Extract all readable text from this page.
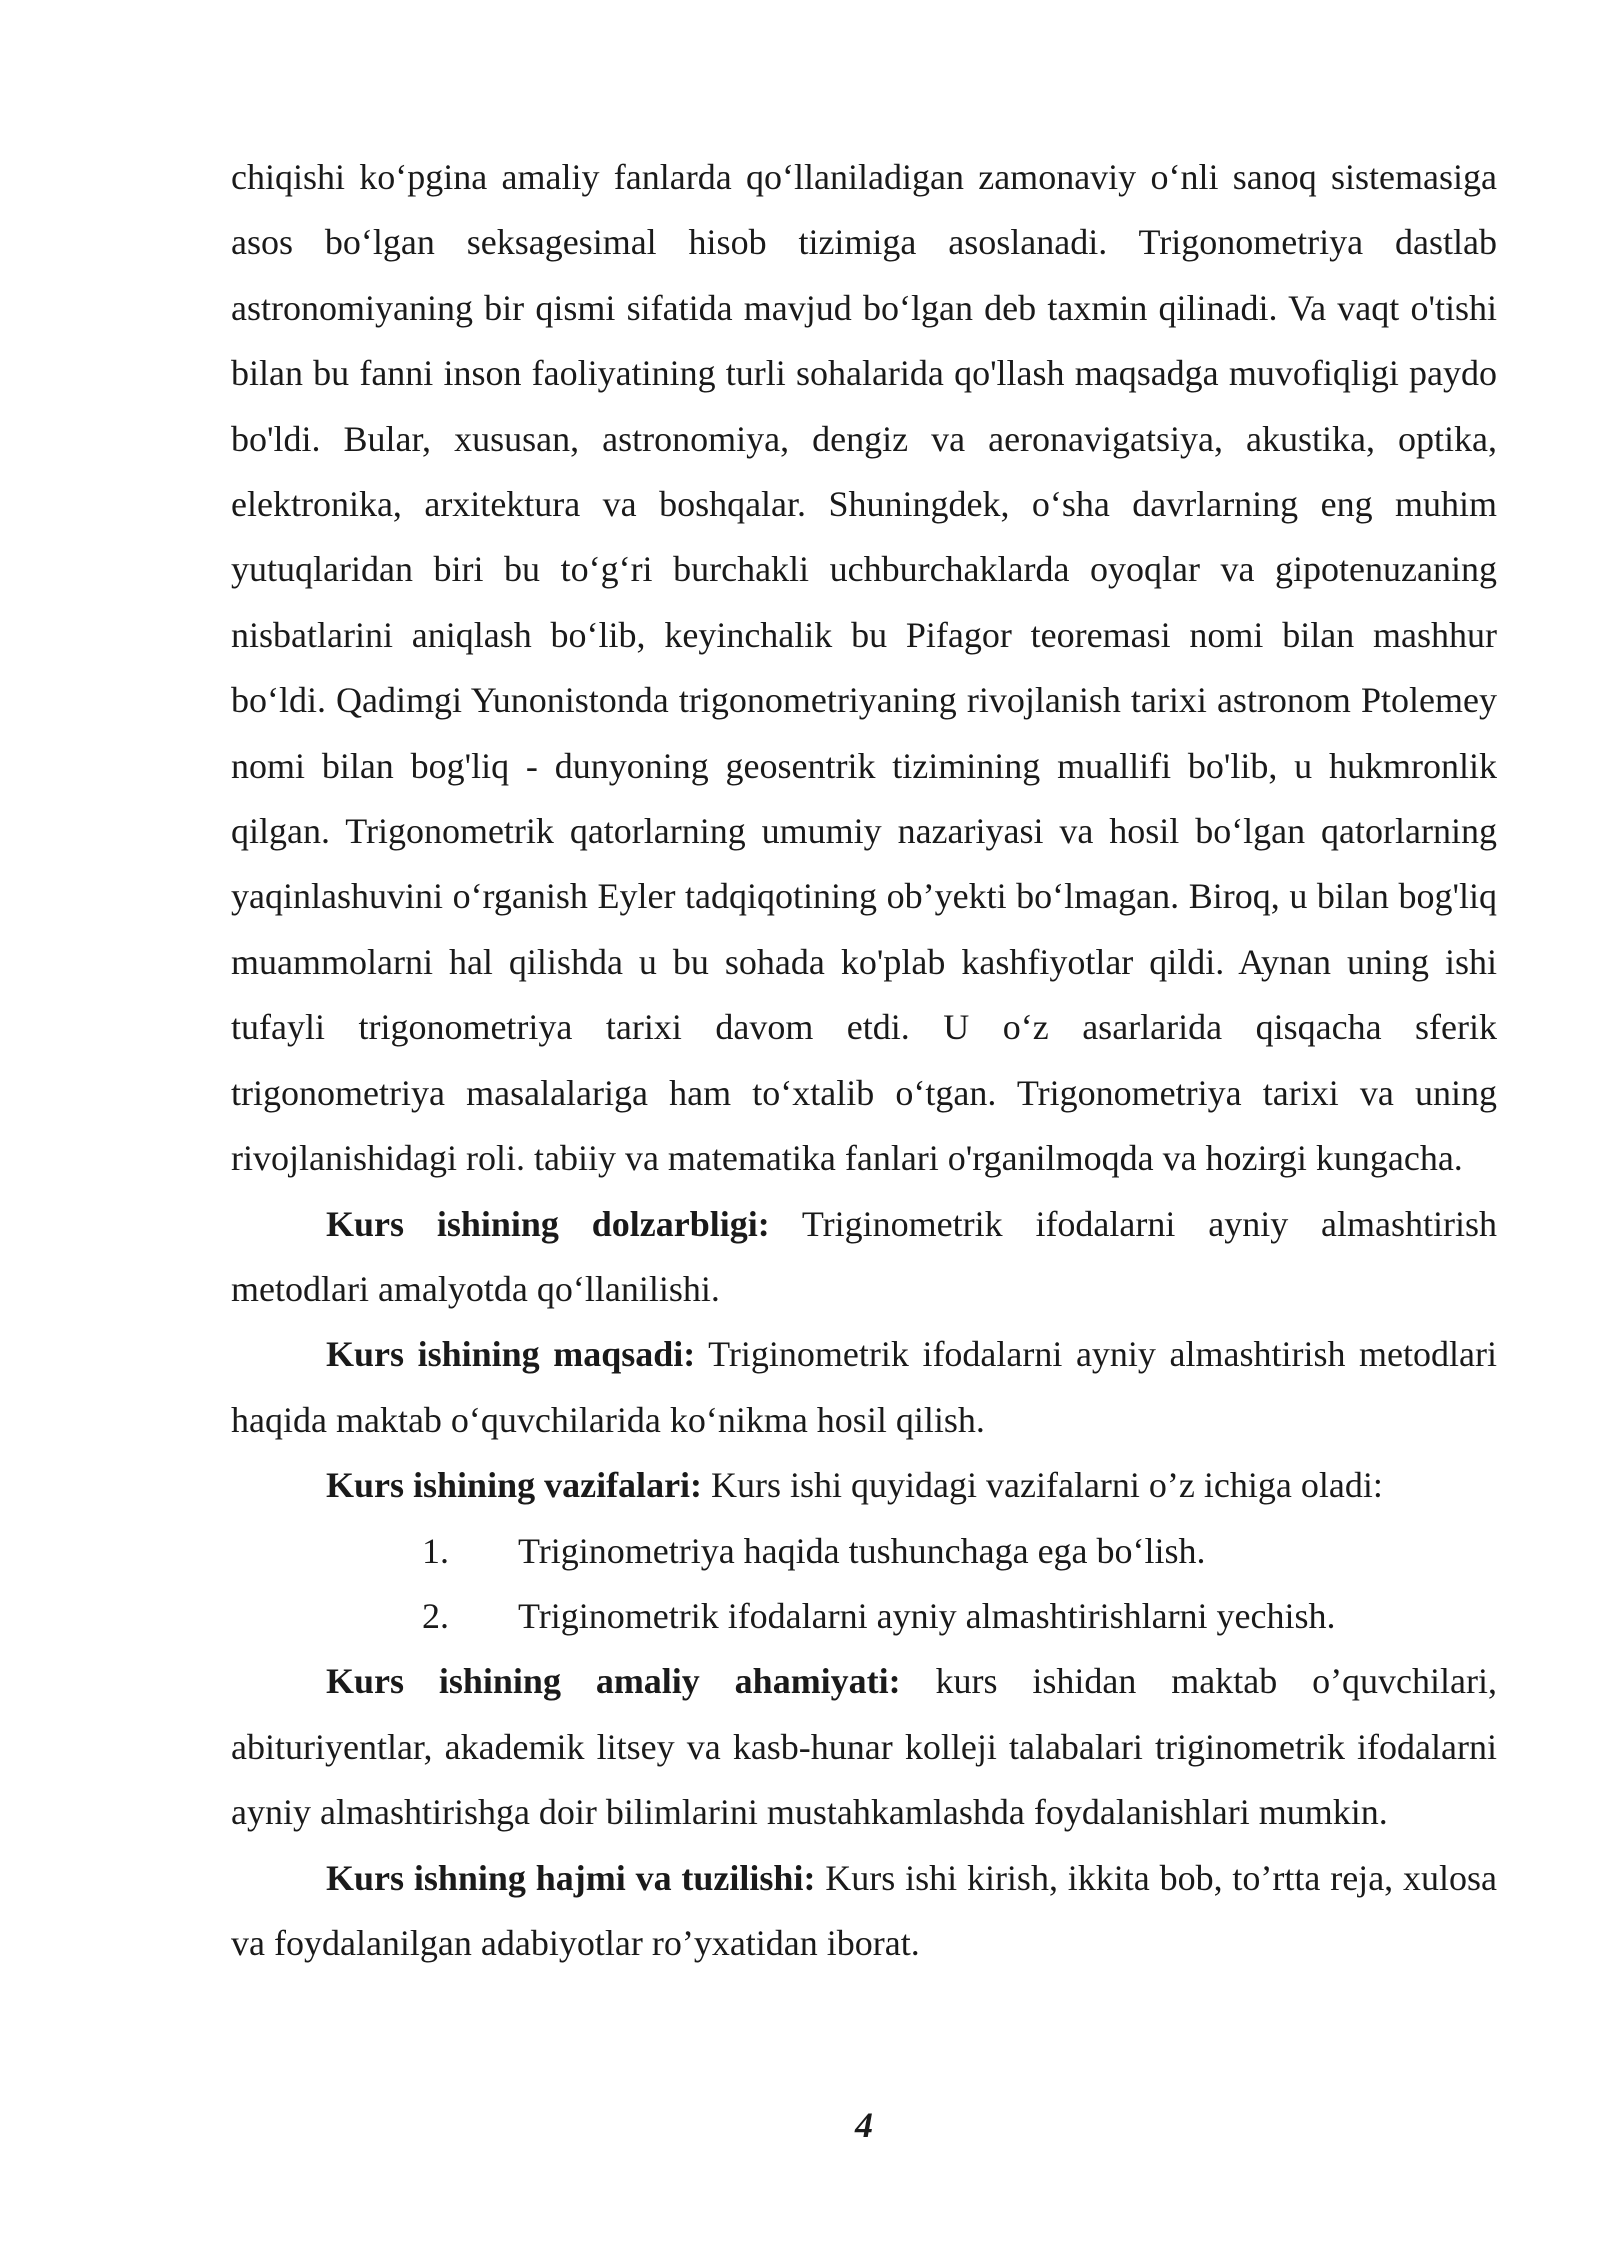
chiqishi ko‘pgina amaliy fanlarda qo‘llaniladigan zamonaviy o‘nli sanoq sistemasiga asos bo‘lgan seksagesimal hisob tizimiga asoslanadi. Trigonometriya dastlab astronomiyaning bir qismi sifatida mavjud bo‘lgan deb taxmin qilinadi. Va vaqt o'tishi bilan bu fanni inson faoliyatining turli sohalarida qo'llash maqsadga muvofiqligi paydo bo'ldi. Bular, xususan, astronomiya, dengiz va aeronavigatsiya, akustika, optika, elektronika, arxitektura va boshqalar. Shuningdek, o‘sha davrlarning eng muhim yutuqlaridan biri bu to‘g‘ri burchakli uchburchaklarda oyoqlar va gipotenuzaning nisbatlarini aniqlash bo‘lib, keyinchalik bu Pifagor teoremasi nomi bilan mashhur bo‘ldi. Qadimgi Yunonistonda trigonometriyaning rivojlanish tarixi astronom Ptolemey nomi bilan bog'liq - dunyoning geosentrik tizimining muallifi bo'lib, u hukmronlik qilgan. Trigonometrik qatorlarning umumiy nazariyasi va hosil bo‘lgan qatorlarning yaqinlashuvini o‘rganish Eyler tadqiqotining ob’yekti bo‘lmagan. Biroq, u bilan bog'liq muammolarni hal qilishda u bu sohada ko'plab kashfiyotlar qildi. Aynan uning ishi tufayli trigonometriya tarixi davom etdi. U o‘z asarlarida qisqacha sferik trigonometriya masalalariga ham to‘xtalib o‘tgan. Trigonometriya tarixi va uning rivojlanishidagi roli. tabiiy va matematika fanlari o'rganilmoqda va hozirgi kungacha.

Kurs ishining dolzarbligi: Triginometrik ifodalarni ayniy almashtirish metodlari amalyotda qo‘llanilishi.

Kurs ishining maqsadi: Triginometrik ifodalarni ayniy almashtirish metodlari haqida maktab o‘quvchilarida ko‘nikma hosil qilish.

Kurs ishining vazifalari: Kurs ishi quyidagi vazifalarni o’z ichiga oladi:

1. Triginometriya haqida tushunchaga ega bo‘lish.
2. Triginometrik ifodalarni ayniy almashtirishlarni yechish.

Kurs ishining amaliy ahamiyati: kurs ishidan maktab o’quvchilari, abituriyentlar, akademik litsey va kasb-hunar kolleji talabalari triginometrik ifodalarni ayniy almashtirishga doir bilimlarini mustahkamlashda foydalanishlari mumkin.

Kurs ishning hajmi va tuzilishi: Kurs ishi kirish, ikkita bob, to’rtta reja, xulosa va foydalanilgan adabiyotlar ro’yxatidan iborat.

4
